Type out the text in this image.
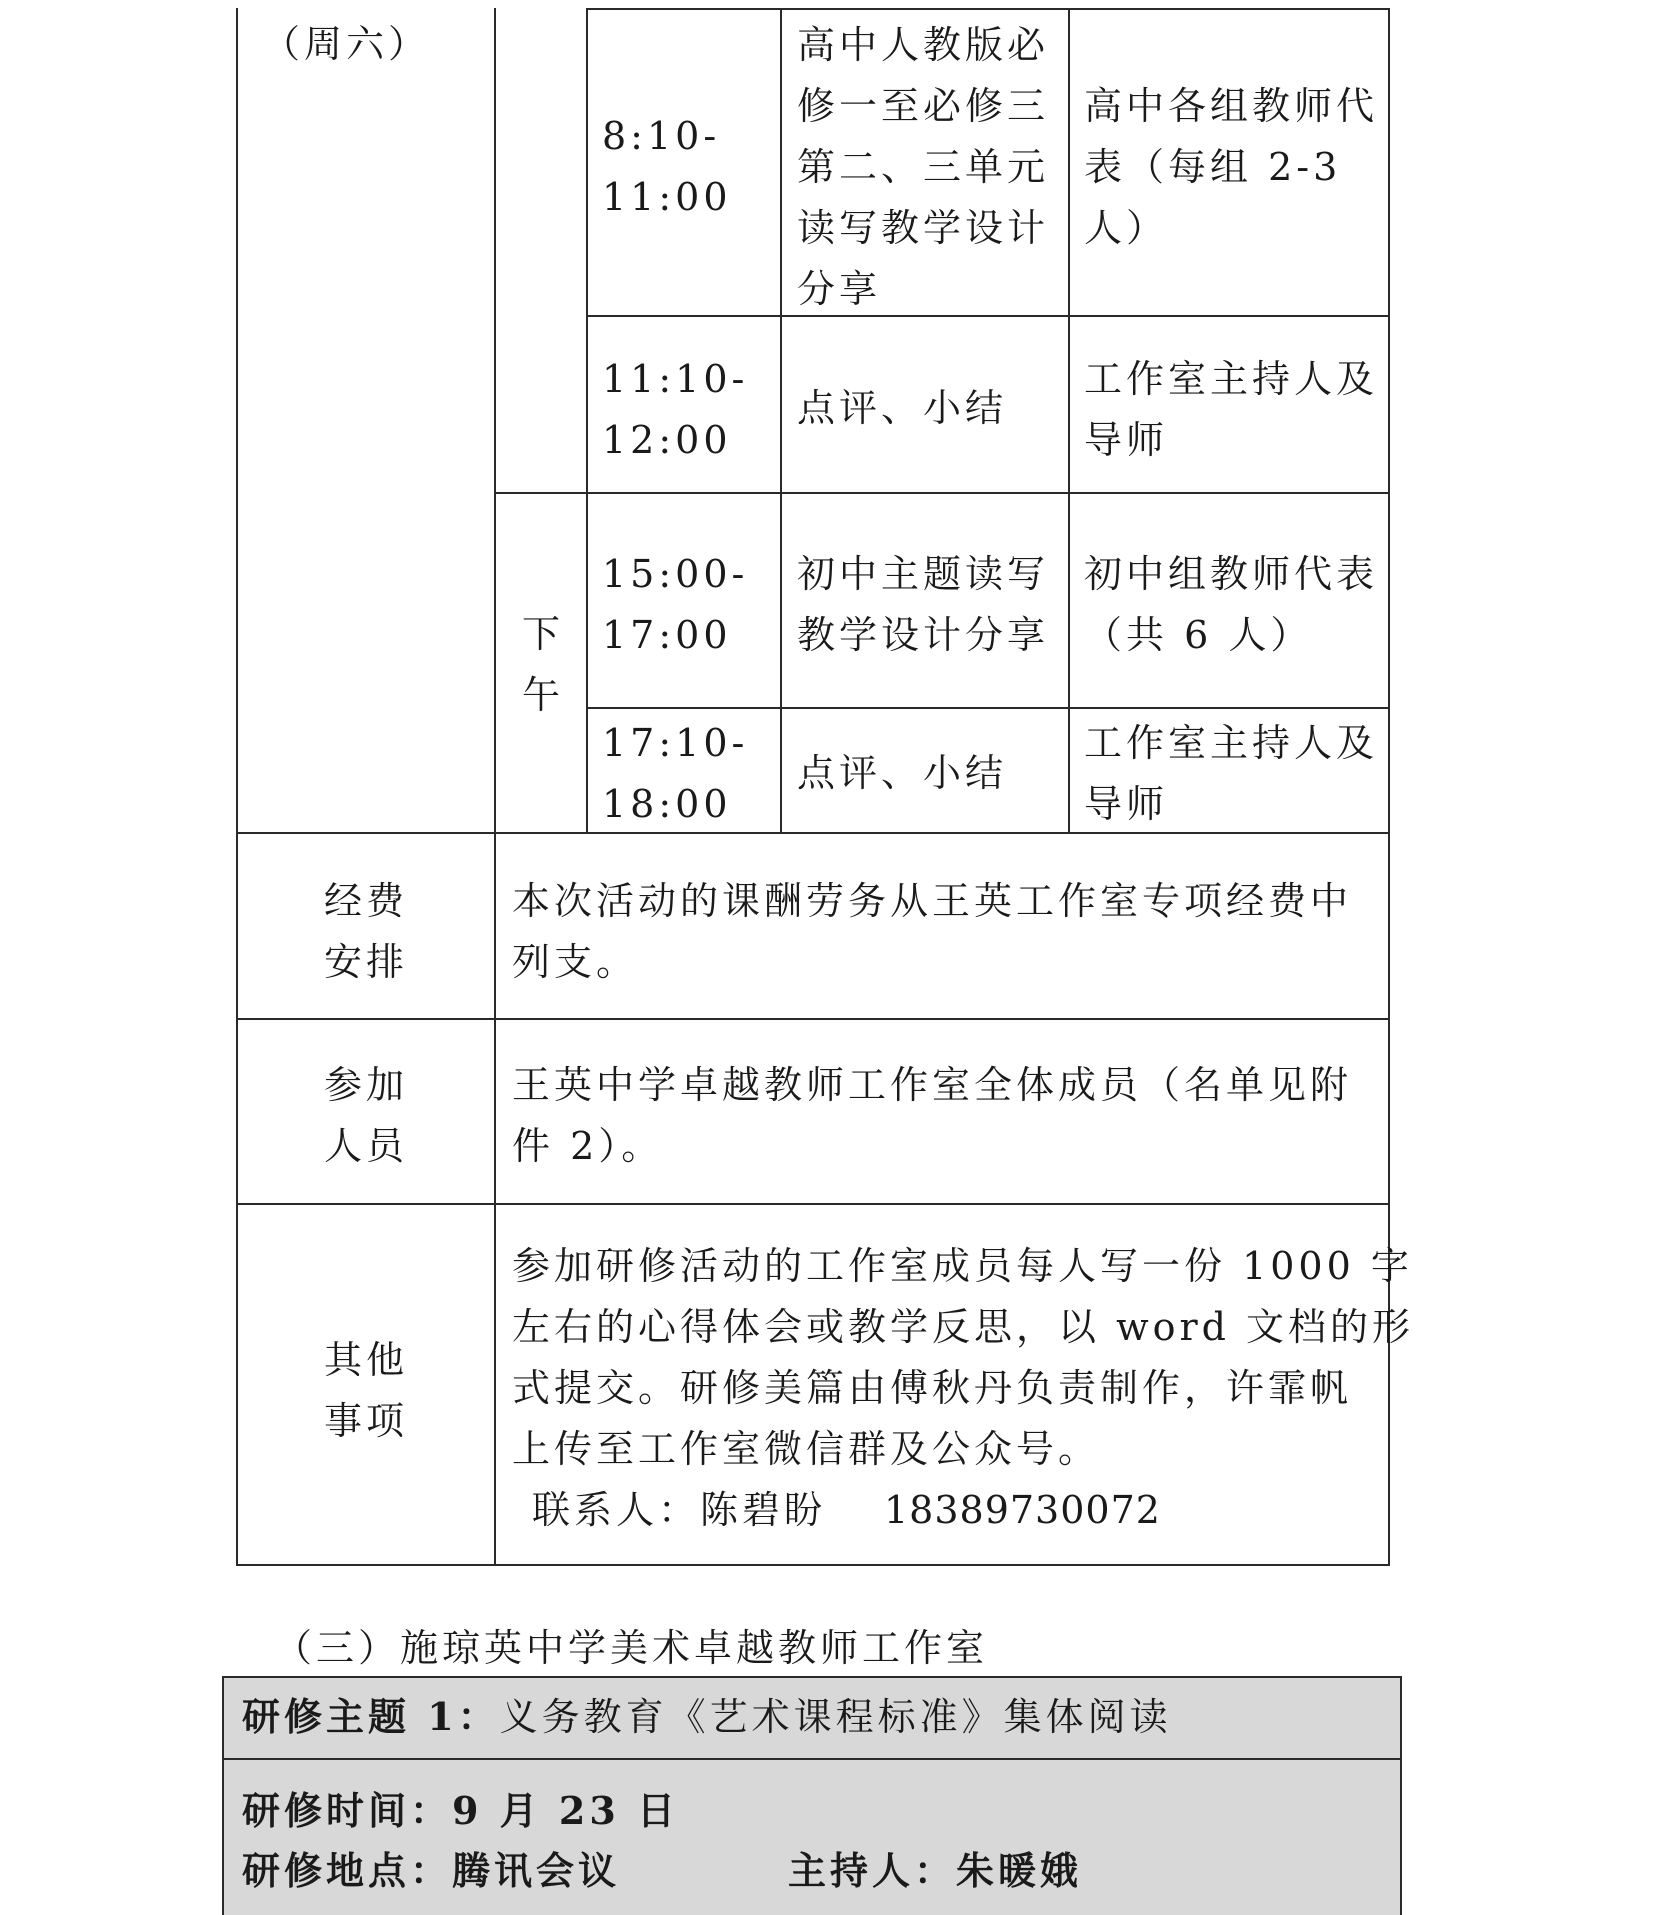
（周六）
下
午
8:10-
11:00
高中人教版必
修一至必修三
第二、三单元
读写教学设计
分享
高中各组教师代
表（每组 2-3
人）
11:10-
12:00
点评、小结
工作室主持人及
导师
15:00-
17:00
初中主题读写
教学设计分享
初中组教师代表
（共 6 人）
17:10-
18:00
点评、小结
工作室主持人及
导师
经费
安排
本次活动的课酬劳务从王英工作室专项经费中
列支。
参加
人员
王英中学卓越教师工作室全体成员（名单见附
件 2）。
其他
事项
参加研修活动的工作室成员每人写一份 1000 字
左右的心得体会或教学反思，以 word 文档的形
式提交。研修美篇由傅秋丹负责制作，许霏帆
上传至工作室微信群及公众号。
联系人：陈碧盼 18389730072
（三）施琼英中学美术卓越教师工作室
研修主题 1：义务教育《艺术课程标准》集体阅读
研修时间：9 月 23 日
研修地点：腾讯会议	主持人：朱暖娥
